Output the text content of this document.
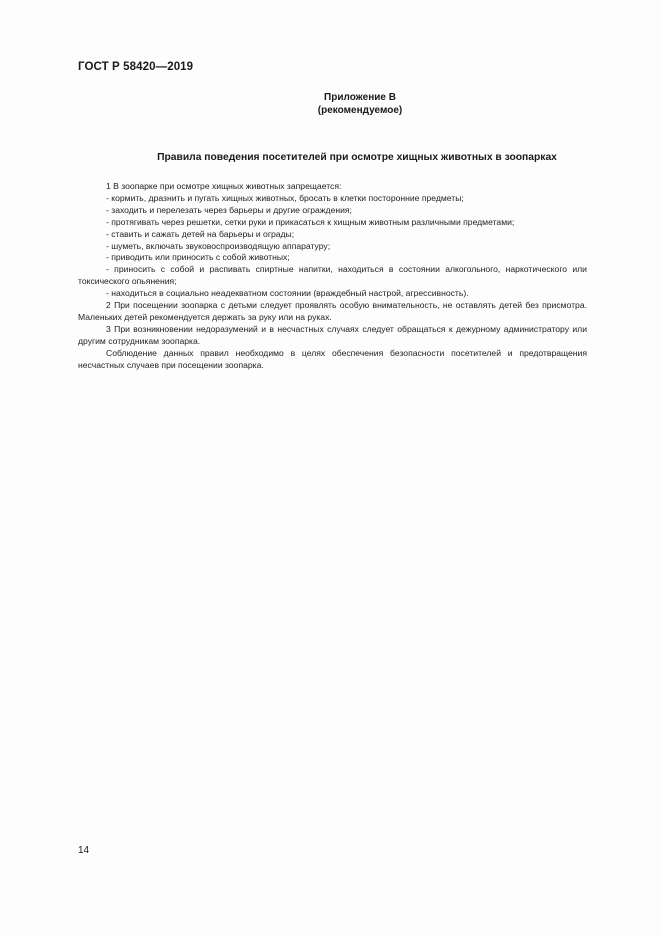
ГОСТ Р 58420—2019
Приложение В
(рекомендуемое)
Правила поведения посетителей при осмотре хищных животных в зоопарках

1 В зоопарке при осмотре хищных животных запрещается:

- кормить, дразнить и пугать хищных животных, бросать в клетки посторонние предметы;

- заходить и перелезать через барьеры и другие ограждения;

- протягивать через решетки, сетки руки и прикасаться к хищным животным различными предметами;

- ставить и сажать детей на барьеры и ограды;

- шуметь, включать звуковоспроизводящую аппаратуру;

- приводить или приносить с собой животных;

- приносить с собой и распивать спиртные напитки, находиться в состоянии алкогольного, наркотического или токсического опьянения;

- находиться в социально неадекватном состоянии (враждебный настрой, агрессивность).

2 При посещении зоопарка с детьми следует проявлять особую внимательность, не оставлять детей без присмотра. Маленьких детей рекомендуется держать за руку или на руках.

3 При возникновении недоразумений и в несчастных случаях следует обращаться к дежурному администратору или другим сотрудникам зоопарка.

Соблюдение данных правил необходимо в целях обеспечения безопасности посетителей и предотвращения несчастных случаев при посещении зоопарка.

14
